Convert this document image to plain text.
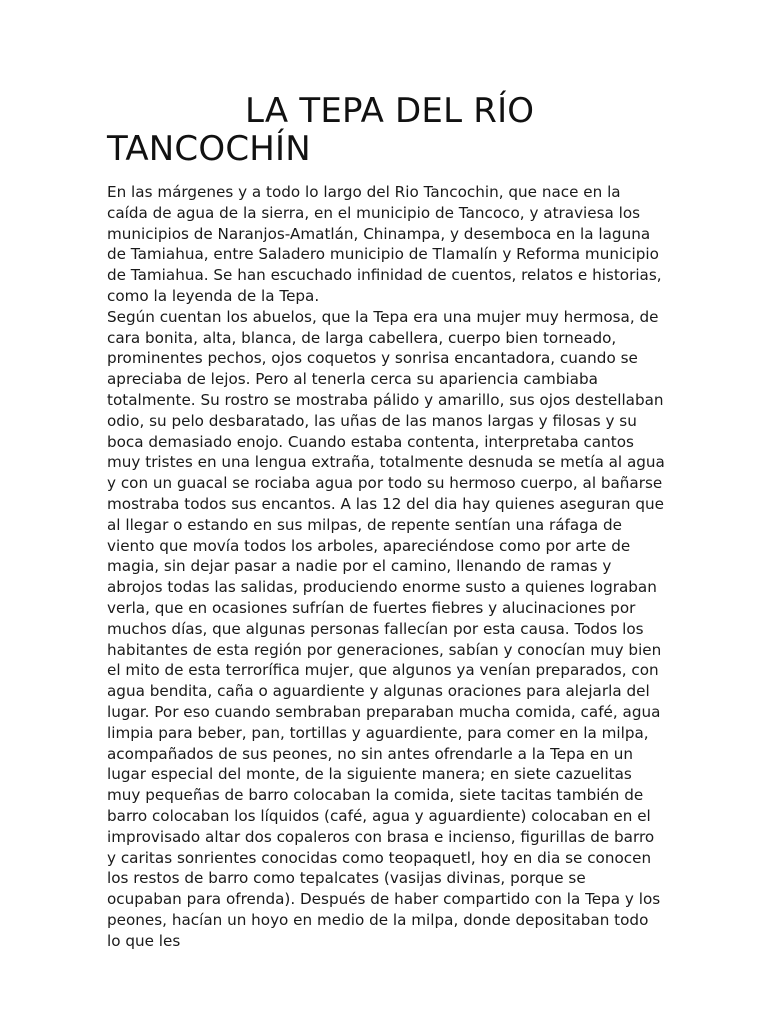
LA TEPA DEL RÍO TANCOCHÍN

En las márgenes y a todo lo largo del Rio Tancochin, que nace en la caída de agua de la sierra, en el municipio de Tancoco, y atraviesa los municipios de Naranjos-Amatlán, Chinampa, y desemboca en la laguna de Tamiahua, entre Saladero municipio de Tlamalín y Reforma municipio de Tamiahua. Se han escuchado infinidad de cuentos, relatos e historias, como la leyenda de la Tepa.

Según cuentan los abuelos, que la Tepa era una mujer muy hermosa, de cara bonita, alta, blanca, de larga cabellera, cuerpo bien torneado, prominentes pechos, ojos coquetos y sonrisa encantadora, cuando se apreciaba de lejos. Pero al tenerla cerca su apariencia cambiaba totalmente. Su rostro se mostraba pálido y amarillo, sus ojos destellaban odio, su pelo desbaratado, las uñas de las manos largas y filosas y su boca demasiado enojo. Cuando estaba contenta, interpretaba cantos muy tristes en una lengua extraña, totalmente desnuda se metía al agua y con un guacal se rociaba agua por todo su hermoso cuerpo, al bañarse mostraba todos sus encantos. A las 12 del dia hay quienes aseguran que al llegar o estando en sus milpas, de repente sentían una ráfaga de viento que movía todos los arboles, apareciéndose como por arte de magia, sin dejar pasar a nadie por el camino, llenando de ramas y abrojos todas las salidas, produciendo enorme susto a quienes lograban verla, que en ocasiones sufrían de fuertes fiebres y alucinaciones por muchos días, que algunas personas fallecían por esta causa. Todos los habitantes de esta región por generaciones, sabían y conocían muy bien el mito de esta terrorífica mujer, que algunos ya venían preparados, con agua bendita, caña o aguardiente y algunas oraciones para alejarla del lugar. Por eso cuando sembraban preparaban mucha comida, café, agua limpia para beber, pan, tortillas y aguardiente, para comer en la milpa, acompañados de sus peones, no sin antes ofrendarle a la Tepa en un lugar especial del monte, de la siguiente manera; en siete cazuelitas muy pequeñas de barro colocaban la comida, siete tacitas también de barro colocaban los líquidos (café, agua y aguardiente) colocaban en el improvisado altar dos copaleros con brasa e incienso, figurillas de barro y caritas sonrientes conocidas como teopaquetl, hoy en dia se conocen los restos de barro como tepalcates (vasijas divinas, porque se ocupaban para ofrenda). Después de haber compartido con la Tepa y los peones, hacían un hoyo en medio de la milpa, donde depositaban todo lo que les
